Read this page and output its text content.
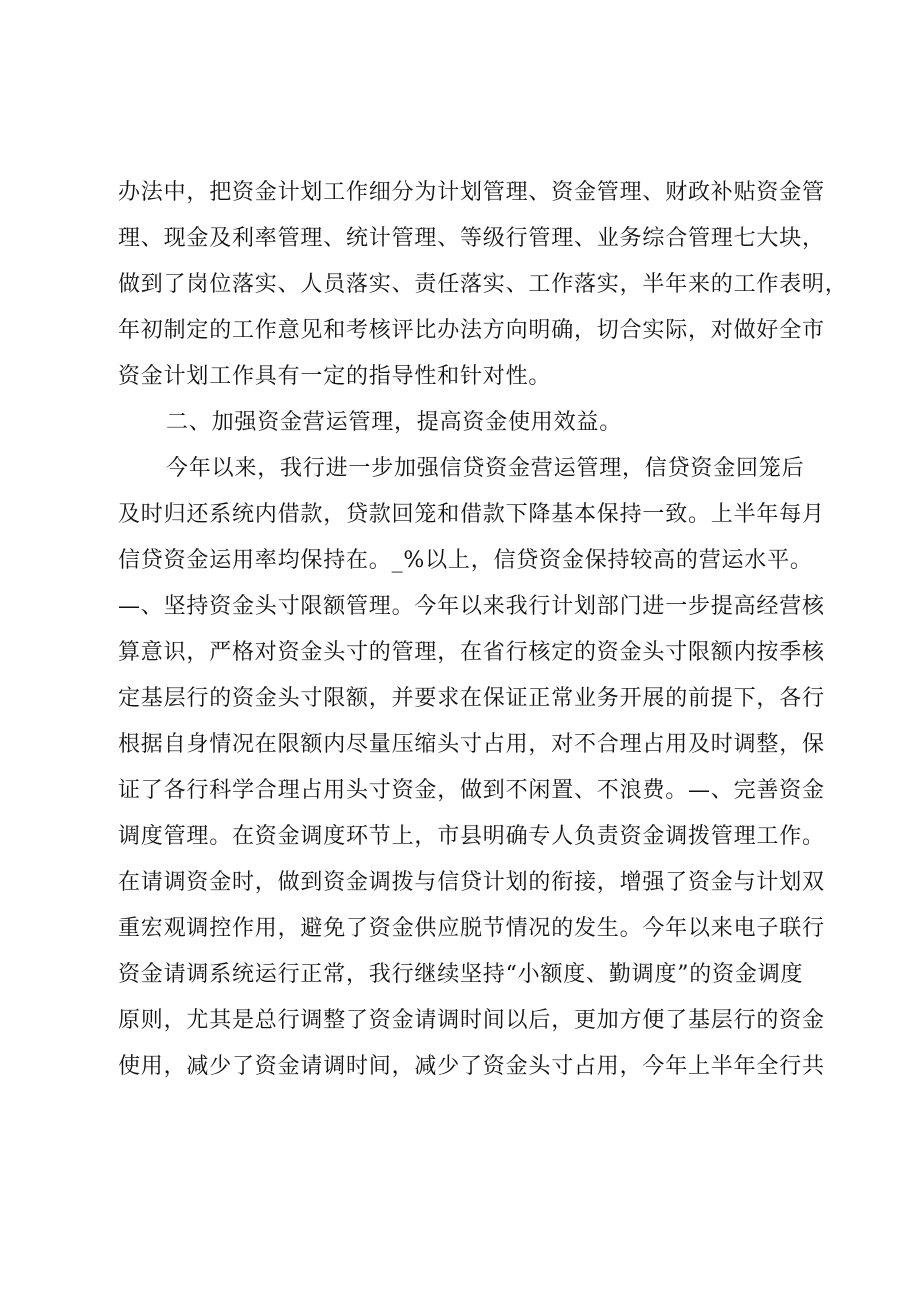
办法中，把资金计划工作细分为计划管理、资金管理、财政补贴资金管
理、现金及利率管理、统计管理、等级行管理、业务综合管理七大块，
做到了岗位落实、人员落实、责任落实、工作落实，半年来的工作表明，
年初制定的工作意见和考核评比办法方向明确，切合实际，对做好全市
资金计划工作具有一定的指导性和针对性。
二、加强资金营运管理，提高资金使用效益。
今年以来，我行进一步加强信贷资金营运管理，信贷资金回笼后
及时归还系统内借款，贷款回笼和借款下降基本保持一致。上半年每月
信贷资金运用率均保持在。_%以上，信贷资金保持较高的营运水平。
—、坚持资金头寸限额管理。今年以来我行计划部门进一步提高经营核
算意识，严格对资金头寸的管理，在省行核定的资金头寸限额内按季核
定基层行的资金头寸限额，并要求在保证正常业务开展的前提下，各行
根据自身情况在限额内尽量压缩头寸占用，对不合理占用及时调整，保
证了各行科学合理占用头寸资金，做到不闲置、不浪费。—、完善资金
调度管理。在资金调度环节上，市县明确专人负责资金调拨管理工作。
在请调资金时，做到资金调拨与信贷计划的衔接，增强了资金与计划双
重宏观调控作用，避免了资金供应脱节情况的发生。今年以来电子联行
资金请调系统运行正常，我行继续坚持“小额度、勤调度”的资金调度
原则，尤其是总行调整了资金请调时间以后，更加方便了基层行的资金
使用，减少了资金请调时间，减少了资金头寸占用，今年上半年全行共
